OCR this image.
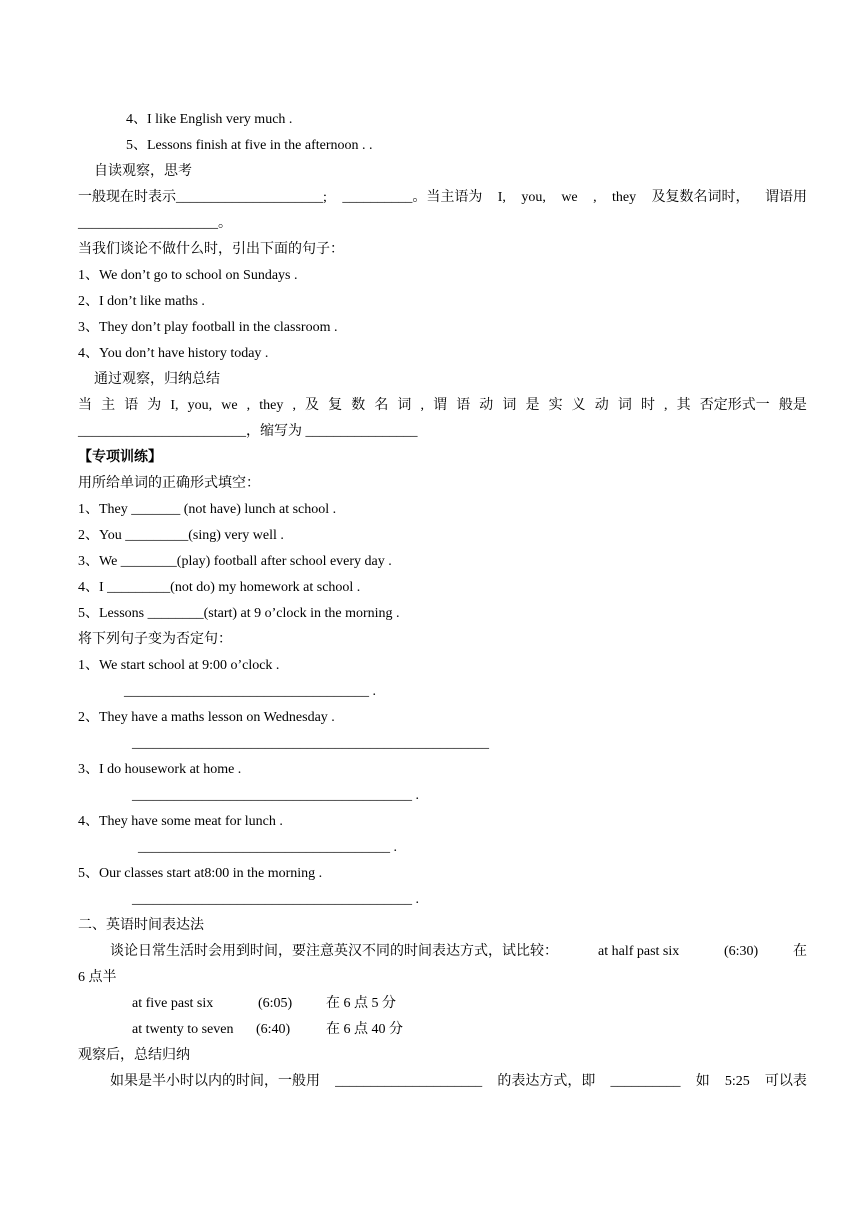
4、I like English very much .
5、Lessons finish at five in the afternoon . .
自读观察，思考
一般现在时表示_____________________; __________。当主语为 I, you, we , they 及复数名词时， 谓语用
____________________。
当我们谈论不做什么时，引出下面的句子：
1、We don’t go to school on Sundays .
2、I don’t like maths .
3、They don’t play football in the classroom .
4、You don’t have history today .
通过观察，归纳总结
当 主 语 为 I, you, we , they , 及 复 数 名 词 , 谓 语 动 词 是 实 义 动 词 时 , 其 否定形式一 般是
________________________，缩写为 ________________
【专项训练】
用所给单词的正确形式填空：
1、They _______ (not have) lunch at school .
2、You _________(sing) very well .
3、We ________(play) football after school every day .
4、I _________(not do) my homework at school .
5、Lessons ________(start) at 9 o’clock in the morning .
将下列句子变为否定句：
1、We start school at 9:00 o’clock .
___________________________________ .
2、They have a maths lesson on Wednesday .
___________________________________________________
3、I do housework at home .
________________________________________ .
4、They have some meat for lunch .
____________________________________ .
5、Our classes start at8:00 in the morning .
________________________________________ .
二、英语时间表达法
谈论日常生活时会用到时间，要注意英汉不同的时间表达方式，试比较：	at half past six	(6:30) 在
6 点半
at five past six	(6:05) 在 6 点 5 分
at twenty to seven (6:40)	在 6 点 40 分
观察后，总结归纳
如果是半小时以内的时间，一般用 _____________________ 的表达方式，即 __________ 如 5:25 可以表
